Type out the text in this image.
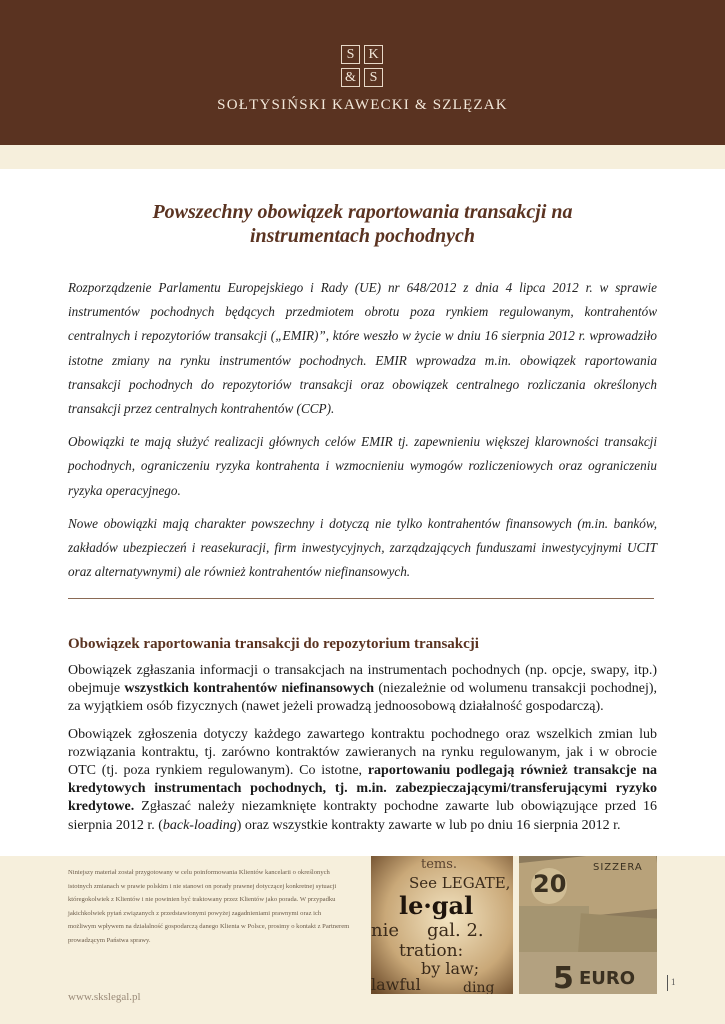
S	K
& S
SOŁTYSIŃSKI KAWECKI & SZLĘZAK
Powszechny obowiązek raportowania transakcji na
instrumentach pochodnych

Rozporządzenie Parlamentu Europejskiego i Rady (UE) nr 648/2012 z dnia 4 lipca 2012 r. w sprawie instrumentów pochodnych będących przedmiotem obrotu poza rynkiem regulowanym, kontrahentów centralnych i repozytoriów transakcji („EMIR)”, które weszło w życie w dniu 16 sierpnia 2012 r. wprowadziło istotne zmiany na rynku instrumentów pochodnych. EMIR wprowadza m.in. obowiązek raportowania transakcji pochodnych do repozytoriów transakcji oraz obowiązek centralnego rozliczania określonych transakcji przez centralnych kontrahentów (CCP).

Obowiązki te mają służyć realizacji głównych celów EMIR tj. zapewnieniu większej klarowności transakcji pochodnych, ograniczeniu ryzyka kontrahenta i wzmocnieniu wymogów rozliczeniowych oraz ograniczeniu ryzyka operacyjnego.

Nowe obowiązki mają charakter powszechny i dotyczą nie tylko kontrahentów finansowych (m.in. banków, zakładów ubezpieczeń i reasekuracji, firm inwestycyjnych, zarządzających funduszami inwestycyjnymi UCIT oraz alternatywnymi) ale również kontrahentów niefinansowych.

Obowiązek raportowania transakcji do repozytorium transakcji

Obowiązek zgłaszania informacji o transakcjach na instrumentach pochodnych (np. opcje, swapy, itp.) obejmuje wszystkich kontrahentów niefinansowych (niezależnie od wolumenu transakcji pochodnej), za wyjątkiem osób fizycznych (nawet jeżeli prowadzą jednoosobową działalność gospodarczą).

Obowiązek zgłoszenia dotyczy każdego zawartego kontraktu pochodnego oraz wszelkich zmian lub rozwiązania kontraktu, tj. zarówno kontraktów zawieranych na rynku regulowanym, jak i w obrocie OTC (tj. poza rynkiem regulowanym). Co istotne, raportowaniu podlegają również transakcje na kredytowych instrumentach pochodnych, tj. m.in. zabezpieczającymi/transferującymi ryzyko kredytowe. Zgłaszać należy niezamknięte kontrakty pochodne zawarte lub obowiązujące przed 16 sierpnia 2012 r. (back-loading) oraz wszystkie kontrakty zawarte w lub po dniu 16 sierpnia 2012 r.

Niniejszy materiał został przygotowany w celu poinformowania Klientów kancelarii o określonych istotnych zmianach w prawie polskim i nie stanowi on porady prawnej dotyczącej konkretnej sytuacji któregokolwiek z Klientów i nie powinien być traktowany przez Klientów jako porada. W przypadku jakichkolwiek pytań związanych z przedstawionymi powyżej zagadnieniami prawnymi oraz ich możliwym wpływem na działalność gospodarczą danego Klienta w Polsce, prosimy o kontakt z Partnerem prowadzącym Państwa sprawy.
tems.
See LEGATE,
le·gal
nie gal. 2.
tration:
by law;
lawful	ding
SIZZERA
20
EURO
5
www.skslegal.pl
1
